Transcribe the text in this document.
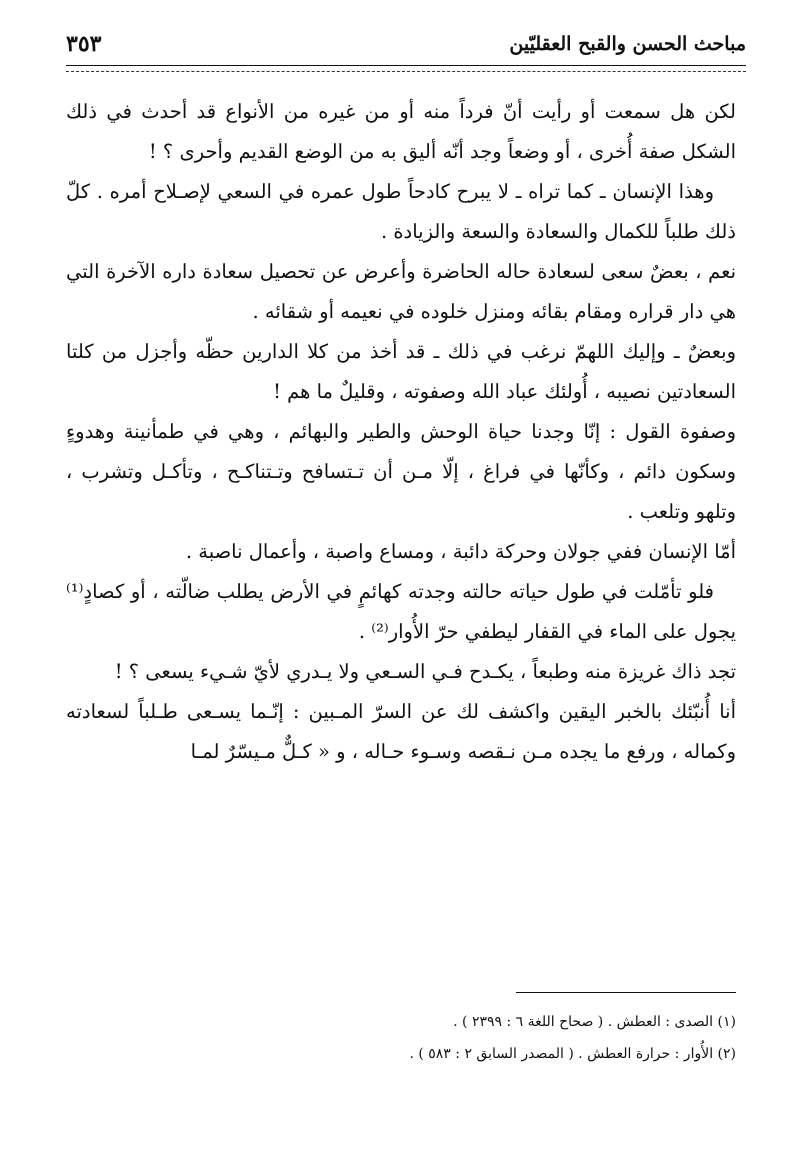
مباحث الحسن والقبح العقليّين
٣٥٣

لكن هل سمعت أو رأيت أنّ فرداً منه أو من غيره من الأنواع قد أحدث في ذلك الشكل صفة أُخرى ، أو وضعاً وجد أنّه أليق به من الوضع القديم وأحرى ؟ !

وهذا الإنسان ـ كما تراه ـ لا يبرح كادحاً طول عمره في السعي لإصـلاح أمره . كلّ ذلك طلباً للكمال والسعادة والسعة والزيادة .

نعم ، بعضٌ سعى لسعادة حاله الحاضرة وأعرض عن تحصيل سعادة داره الآخرة التي هي دار قراره ومقام بقائه ومنزل خلوده في نعيمه أو شقائه .

وبعضٌ ـ وإليك اللهمّ نرغب في ذلك ـ قد أخذ من كلا الدارين حظّه وأجزل من كلتا السعادتين نصيبه ، أُولئك عباد الله وصفوته ، وقليلٌ ما هم !

وصفوة القول : إنّا وجدنا حياة الوحش والطير والبهائم ، وهي في طمأنينة وهدوءٍ وسكون دائم ، وكأنّها في فراغ ، إلّا مـن أن تـتسافح وتـتناكـح ، وتأكـل وتشرب ، وتلهو وتلعب .

أمّا الإنسان ففي جولان وحركة دائبة ، ومساع واصبة ، وأعمال ناصبة .

فلو تأمّلت في طول حياته حالته وجدته كهائمٍ في الأرض يطلب ضالّته ، أو كصادٍ⁽¹⁾ يجول على الماء في القفار ليطفي حرّ الأُوار⁽²⁾ .

تجد ذاك غريزة منه وطبعاً ، يكـدح فـي السـعي ولا يـدري لأيّ شـيء يسعى ؟ !

أنا أُنبّئك بالخبر اليقين واكشف لك عن السرّ المـبين : إنّـما يسـعى طـلباً لسعادته وكماله ، ورفع ما يجده مـن نـقصه وسـوء حـاله ، و « كـلٌّ مـيسّرٌ لمـا

(١) الصدى : العطش . ( صحاح اللغة ٦ : ٢٣٩٩ ) .

(٢) الأُوار : حرارة العطش . ( المصدر السابق ٢ : ٥٨٣ ) .
